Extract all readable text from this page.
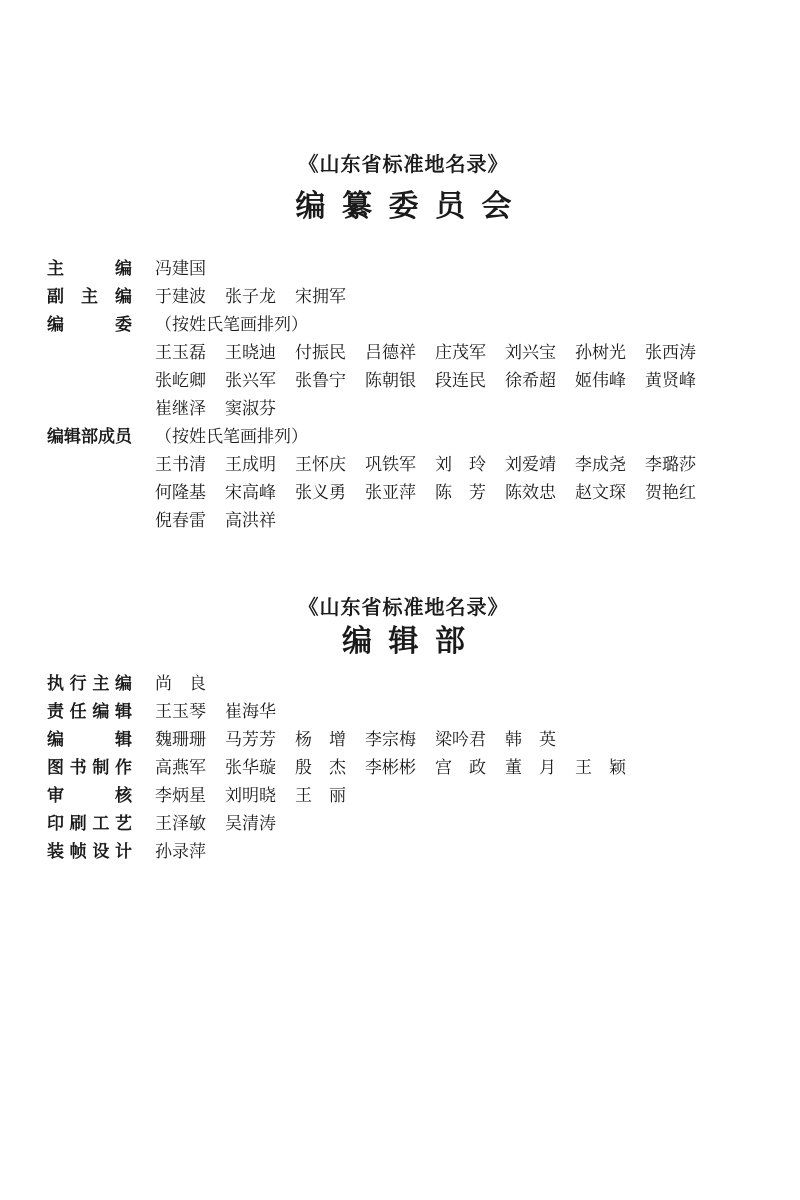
《山东省标准地名录》
编纂委员会
主	编 冯建国
副 主 编 于建波 张子龙 宋拥军
编	委 （按姓氏笔画排列）
王玉磊 王晓迪 付振民 吕德祥 庄茂军 刘兴宝 孙树光 张西涛
张屹卿 张兴军 张鲁宁 陈朝银 段连民 徐希超 姬伟峰 黄贤峰
崔继泽 窦淑芬
编 辑 部 成 员 （按姓氏笔画排列）
王书清 王成明 王怀庆 巩铁军 刘　玲 刘爱靖 李成尧 李璐莎
何隆基 宋高峰 张义勇 张亚萍 陈　芳 陈效忠 赵文琛 贺艳红
倪春雷 高洪祥
《山东省标准地名录》
编辑部
执 行 主 编 尚　良
责 任 编 辑 王玉琴 崔海华
编	辑 魏珊珊 马芳芳 杨　增 李宗梅 梁吟君 韩　英
图 书 制 作 高燕军 张华璇 殷　杰 李彬彬 宫　政 董　月 王　颖
审	核 李炳星 刘明晓 王　丽
印 刷 工 艺 王泽敏 吴清涛
装 帧 设 计 孙录萍
